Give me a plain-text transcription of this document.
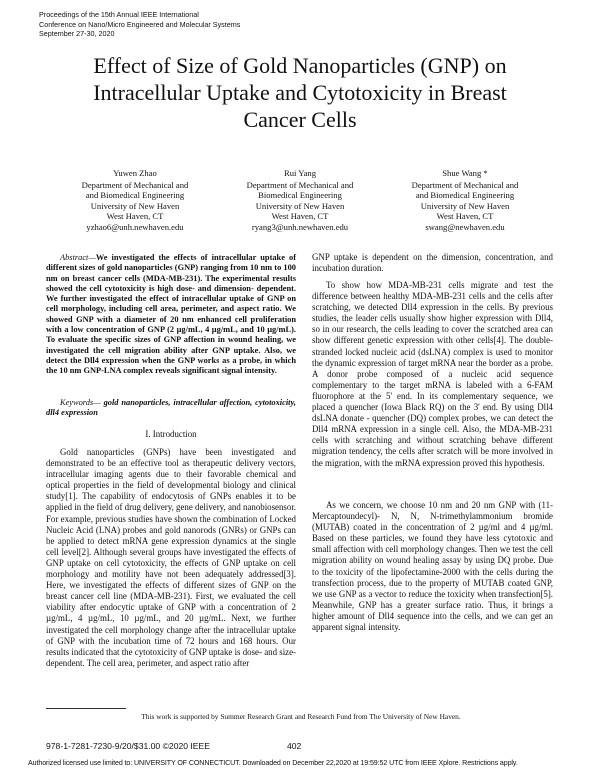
Proceedings of the 15th Annual IEEE International
Conference on Nano/Micro Engineered and Molecular Systems
September 27-30, 2020
Effect of Size of Gold Nanoparticles (GNP) on
Intracellular Uptake and Cytotoxicity in Breast
Cancer Cells
Yuwen Zhao
Department of Mechanical and
and Biomedical Engineering
University of New Haven
West Haven, CT
yzhao6@unh.newhaven.edu
Rui Yang
Department of Mechanical and
Biomedical Engineering
University of New Haven
West Haven, CT
ryang3@unh.newhaven.edu
Shue Wang *
Department of Mechanical and
and Biomedical Engineering
University of New Haven
West Haven, CT
swang@newhaven.edu

Abstract—We investigated the effects of intracellular uptake of different sizes of gold nanoparticles (GNP) ranging from 10 nm to 100 nm on breast cancer cells (MDA-MB-231). The experimental results showed the cell cytotoxicity is high dose- and dimension- dependent. We further investigated the effect of intracellular uptake of GNP on cell morphology, including cell area, perimeter, and aspect ratio. We showed GNP with a diameter of 20 nm enhanced cell proliferation with a low concentration of GNP (2 µg/mL, 4 µg/mL, and 10 µg/mL). To evaluate the specific sizes of GNP affection in wound healing, we investigated the cell migration ability after GNP uptake. Also, we detect the Dll4 expression when the GNP works as a probe, in which the 10 nm GNP-LNA complex reveals significant signal intensity.

Keywords— gold nanoparticles, intracellular affection, cytotoxicity, dll4 expression

I. Introduction

Gold nanoparticles (GNPs) have been investigated and demonstrated to be an effective tool as therapeutic delivery vectors, intracellular imaging agents due to their favorable chemical and optical properties in the field of developmental biology and clinical study[1]. The capability of endocytosis of GNPs enables it to be applied in the field of drug delivery, gene delivery, and nanobiosensor. For example, previous studies have shown the combination of Locked Nucleic Acid (LNA) probes and gold nanorods (GNRs) or GNPs can be applied to detect mRNA gene expression dynamics at the single cell level[2]. Although several groups have investigated the effects of GNP uptake on cell cytotoxicity, the effects of GNP uptake on cell morphology and motility have not been adequately addressed[3]. Here, we investigated the effects of different sizes of GNP on the breast cancer cell line (MDA-MB-231). First, we evaluated the cell viability after endocytic uptake of GNP with a concentration of 2 µg/mL, 4 µg/mL, 10 µg/mL, and 20 µg/mL. Next, we further investigated the cell morphology change after the intracellular uptake of GNP with the incubation time of 72 hours and 168 hours. Our results indicated that the cytotoxicity of GNP uptake is dose- and size-dependent. The cell area, perimeter, and aspect ratio after

GNP uptake is dependent on the dimension, concentration, and incubation duration.

To show how MDA-MB-231 cells migrate and test the difference between healthy MDA-MB-231 cells and the cells after scratching, we detected Dll4 expression in the cells. By previous studies, the leader cells usually show higher expression with Dll4, so in our research, the cells leading to cover the scratched area can show different genetic expression with other cells[4]. The double-stranded locked nucleic acid (dsLNA) complex is used to monitor the dynamic expression of target mRNA near the border as a probe. A donor probe composed of a nucleic acid sequence complementary to the target mRNA is labeled with a 6-FAM fluorophore at the 5' end. In its complementary sequence, we placed a quencher (Iowa Black RQ) on the 3' end. By using Dll4 dsLNA donate - quencher (DQ) complex probes, we can detect the Dll4 mRNA expression in a single cell. Also, the MDA-MB-231 cells with scratching and without scratching behave different migration tendency, the cells after scratch will be more involved in the migration, with the mRNA expression proved this hypothesis.

As we concern, we choose 10 nm and 20 nm GNP with (11-Mercaptoundecyl)- N, N, N-trimethylammonium bromide (MUTAB) coated in the concentration of 2 µg/ml and 4 µg/ml. Based on these particles, we found they have less cytotoxic and small affection with cell morphology changes. Then we test the cell migration ability on wound healing assay by using DQ probe. Due to the toxicity of the lipofectamine-2000 with the cells during the transfection process, due to the property of MUTAB coated GNP, we use GNP as a vector to reduce the toxicity when transfection[5]. Meanwhile, GNP has a greater surface ratio. Thus, it brings a higher amount of Dll4 sequence into the cells, and we can get an apparent signal intensity.

This work is supported by Summer Research Grant and Research Fund from The University of New Haven.
978-1-7281-7230-9/20/$31.00 ©2020 IEEE	402
Authorized licensed use limited to: UNIVERSITY OF CONNECTICUT. Downloaded on December 22,2020 at 19:59:52 UTC from IEEE Xplore. Restrictions apply.
